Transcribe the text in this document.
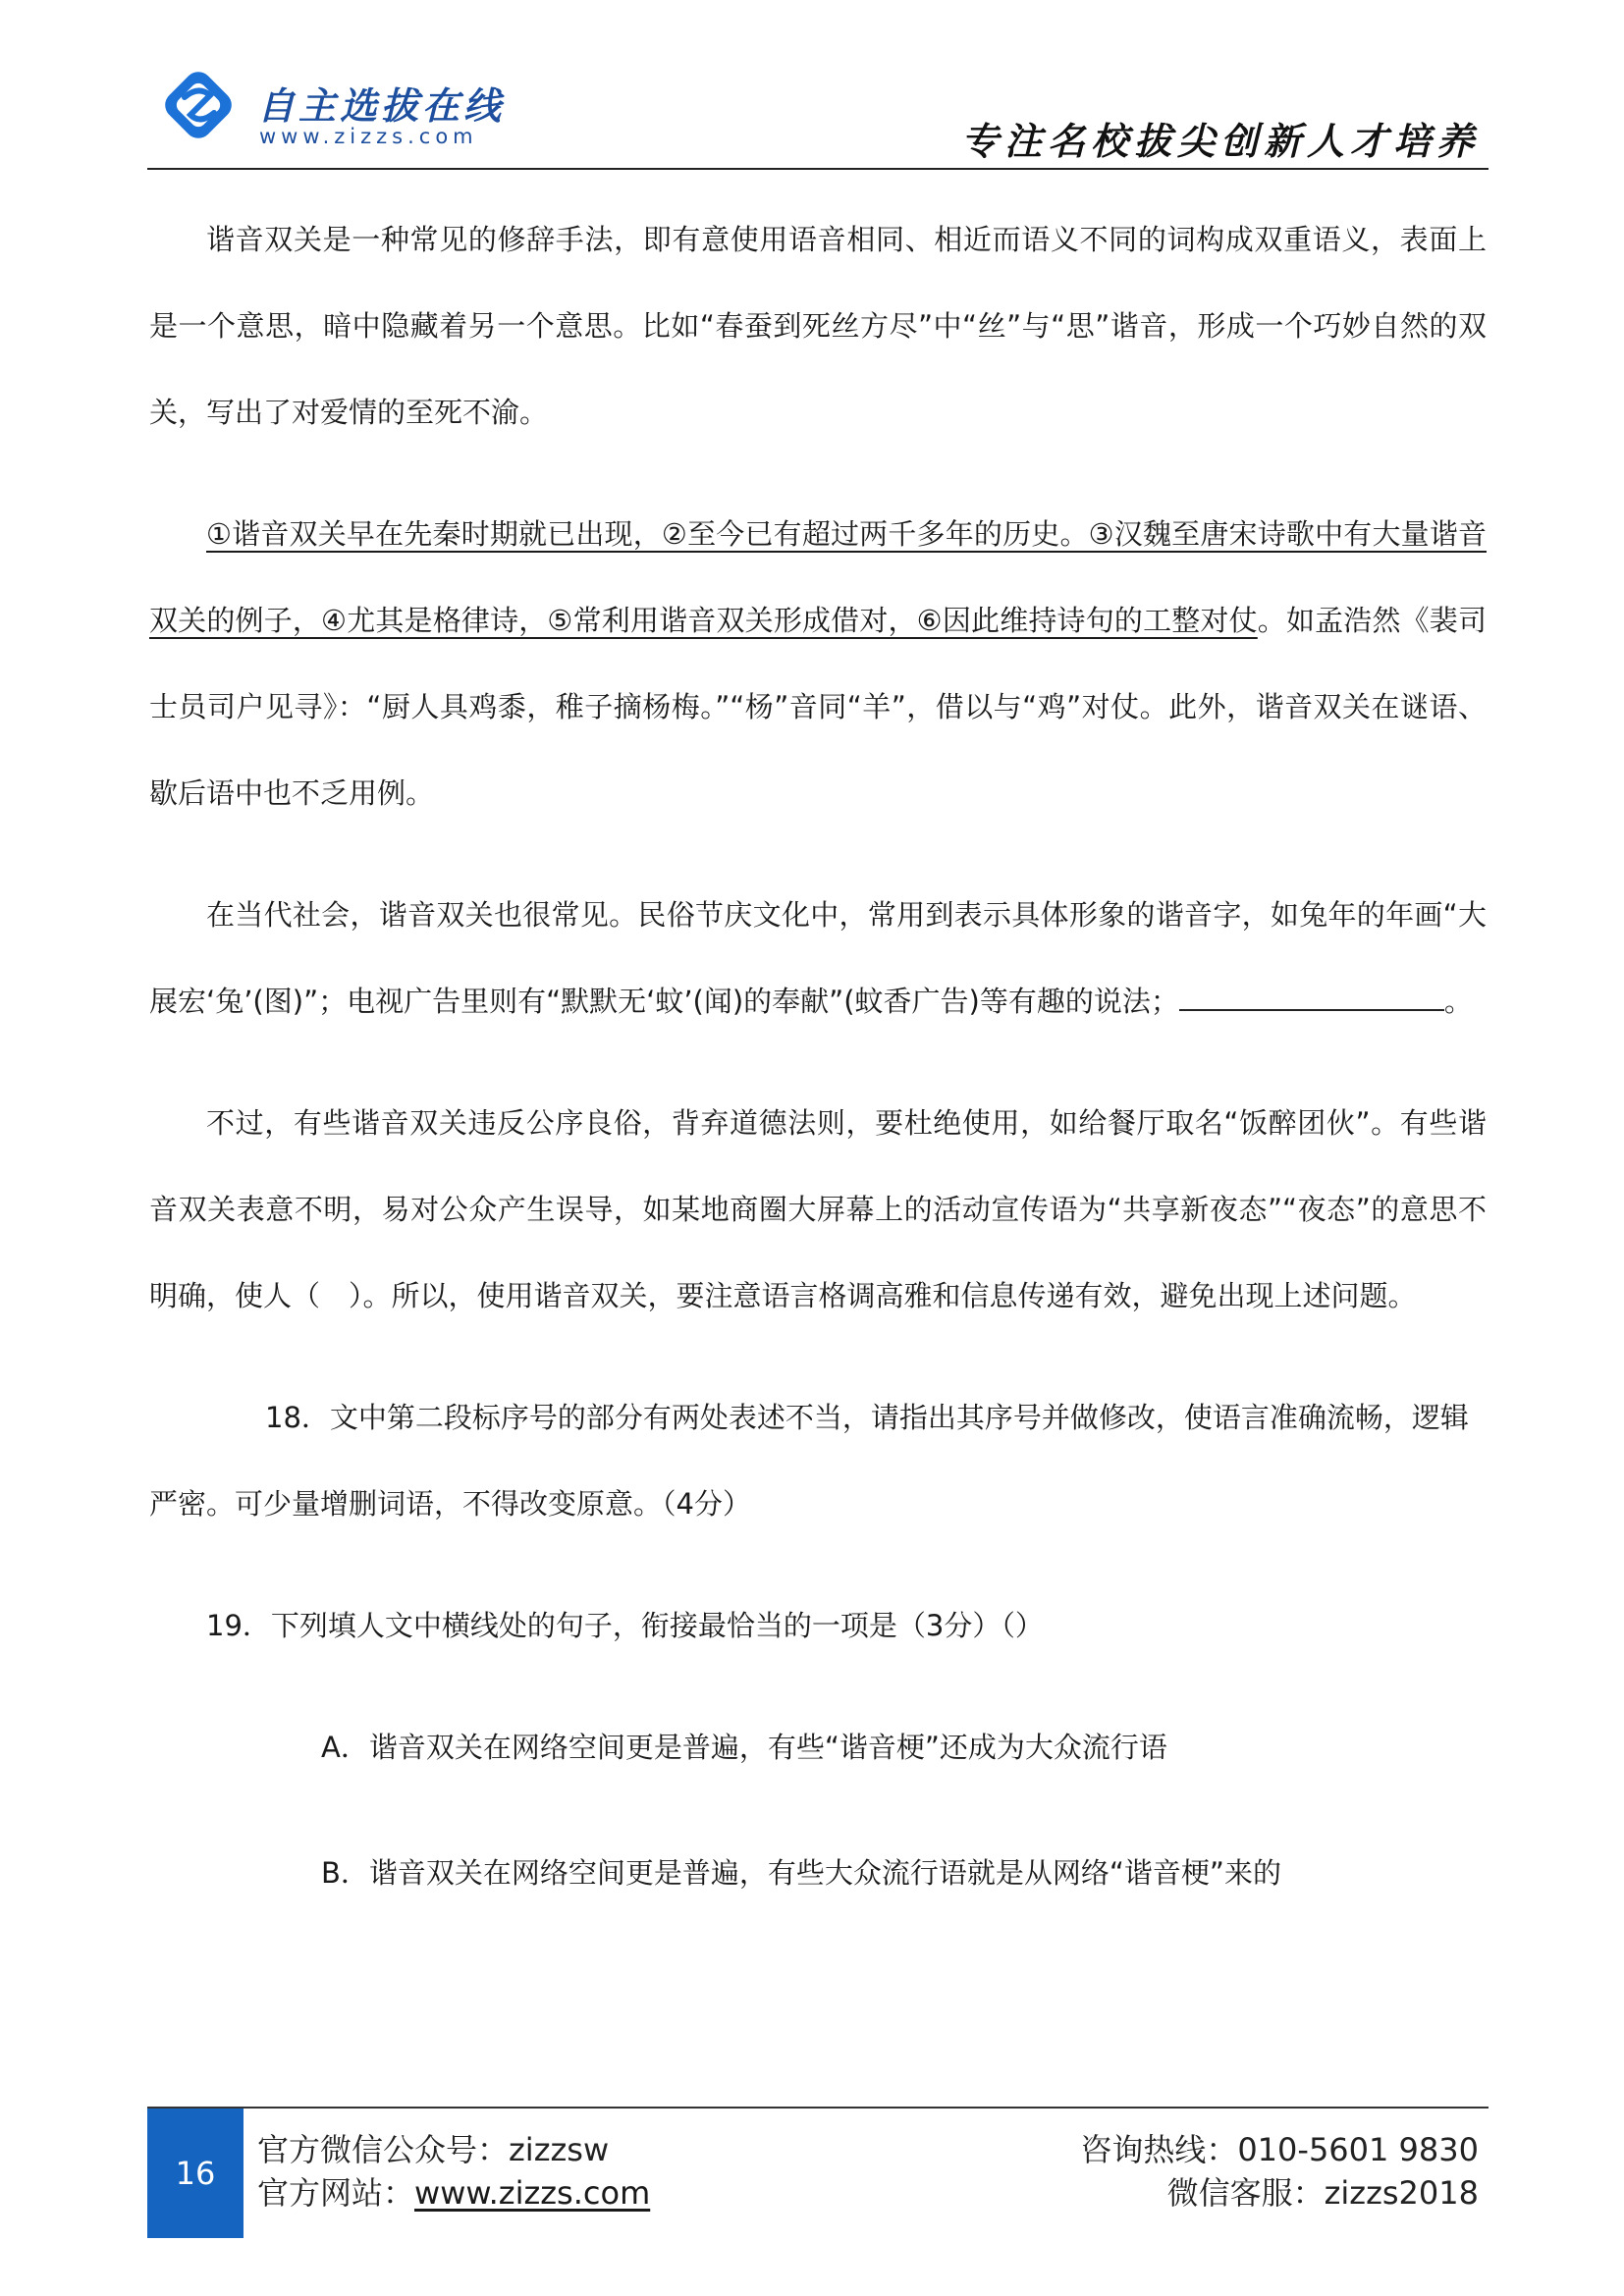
自主选拔在线
www.zizzs.com	专注名校拔尖创新人才培养

谐音双关是一种常见的修辞手法，即有意使用语音相同、相近而语义不同的词构成双重语义，表面上是一个意思，暗中隐藏着另一个意思。比如“春蚕到死丝方尽”中“丝”与“思”谐音，形成一个巧妙自然的双关，写出了对爱情的至死不渝。

①谐音双关早在先秦时期就已出现，②至今已有超过两千多年的历史。③汉魏至唐宋诗歌中有大量谐音双关的例子，④尤其是格律诗，⑤常利用谐音双关形成借对，⑥因此维持诗句的工整对仗。如孟浩然《裴司士员司户见寻》：“厨人具鸡黍，稚子摘杨梅。”“杨”音同“羊”，借以与“鸡”对仗。此外，谐音双关在谜语、歇后语中也不乏用例。

在当代社会，谐音双关也很常见。民俗节庆文化中，常用到表示具体形象的谐音字，如兔年的年画“大展宏‘兔’(图)”；电视广告里则有“默默无‘蚊’(闻)的奉献”(蚊香广告)等有趣的说法；	。

不过，有些谐音双关违反公序良俗，背弃道德法则，要杜绝使用，如给餐厅取名“饭醉团伙”。有些谐音双关表意不明，易对公众产生误导，如某地商圈大屏幕上的活动宣传语为“共享新夜态”“夜态”的意思不明确，使人（　）。所以，使用谐音双关，要注意语言格调高雅和信息传递有效，避免出现上述问题。

18．文中第二段标序号的部分有两处表述不当，请指出其序号并做修改，使语言准确流畅，逻辑严密。可少量增删词语，不得改变原意。（4分）

19．下列填人文中横线处的句子，衔接最恰当的一项是（3分）（）

A．谐音双关在网络空间更是普遍，有些“谐音梗”还成为大众流行语

B．谐音双关在网络空间更是普遍，有些大众流行语就是从网络“谐音梗”来的

16
官方微信公众号：zizzsw
官方网站：www.zizzs.com
咨询热线：010-5601 9830
微信客服：zizzs2018
